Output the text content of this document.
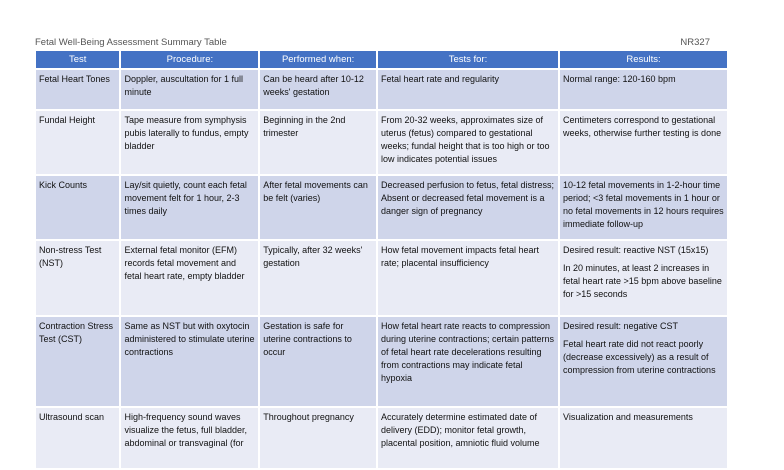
Fetal Well-Being Assessment Summary Table	NR327
Test	Procedure:	Performed when:	Tests for:	Results:
Fetal Heart Tones	Doppler, auscultation for 1 full minute	Can be heard after 10-12 weeks' gestation	Fetal heart rate and regularity	Normal range: 120-160 bpm

Fundal Height	Tape measure from symphysis pubis laterally to fundus, empty bladder	Beginning in the 2nd trimester	From 20-32 weeks, approximates size of uterus (fetus) compared to gestational weeks; fundal height that is too high or too low indicates potential issues	Centimeters correspond to gestational weeks, otherwise further testing is done

Kick Counts	Lay/sit quietly, count each fetal movement felt for 1 hour, 2-3 times daily	After fetal movements can be felt (varies)	Decreased perfusion to fetus, fetal distress; Absent or decreased fetal movement is a danger sign of pregnancy	10-12 fetal movements in 1-2-hour time period; <3 fetal movements in 1 hour or no fetal movements in 12 hours requires immediate follow-up

Non-stress Test (NST)	External fetal monitor (EFM) records fetal movement and fetal heart rate, empty bladder	Typically, after 32 weeks' gestation	How fetal movement impacts fetal heart rate; placental insufficiency	Desired result: reactive NST (15x15)

In 20 minutes, at least 2 increases in fetal heart rate >15 bpm above baseline for >15 seconds

Contraction Stress Test (CST)	Same as NST but with oxytocin administered to stimulate uterine contractions	Gestation is safe for uterine contractions to occur	How fetal heart rate reacts to compression during uterine contractions; certain patterns of fetal heart rate decelerations resulting from contractions may indicate fetal hypoxia	Desired result: negative CST

Fetal heart rate did not react poorly (decrease excessively) as a result of compression from uterine contractions

Ultrasound scan	High-frequency sound waves visualize the fetus, full bladder, abdominal or transvaginal (for	Throughout pregnancy	Accurately determine estimated date of delivery (EDD); monitor fetal growth, placental position, amniotic fluid volume	Visualization and measurements
